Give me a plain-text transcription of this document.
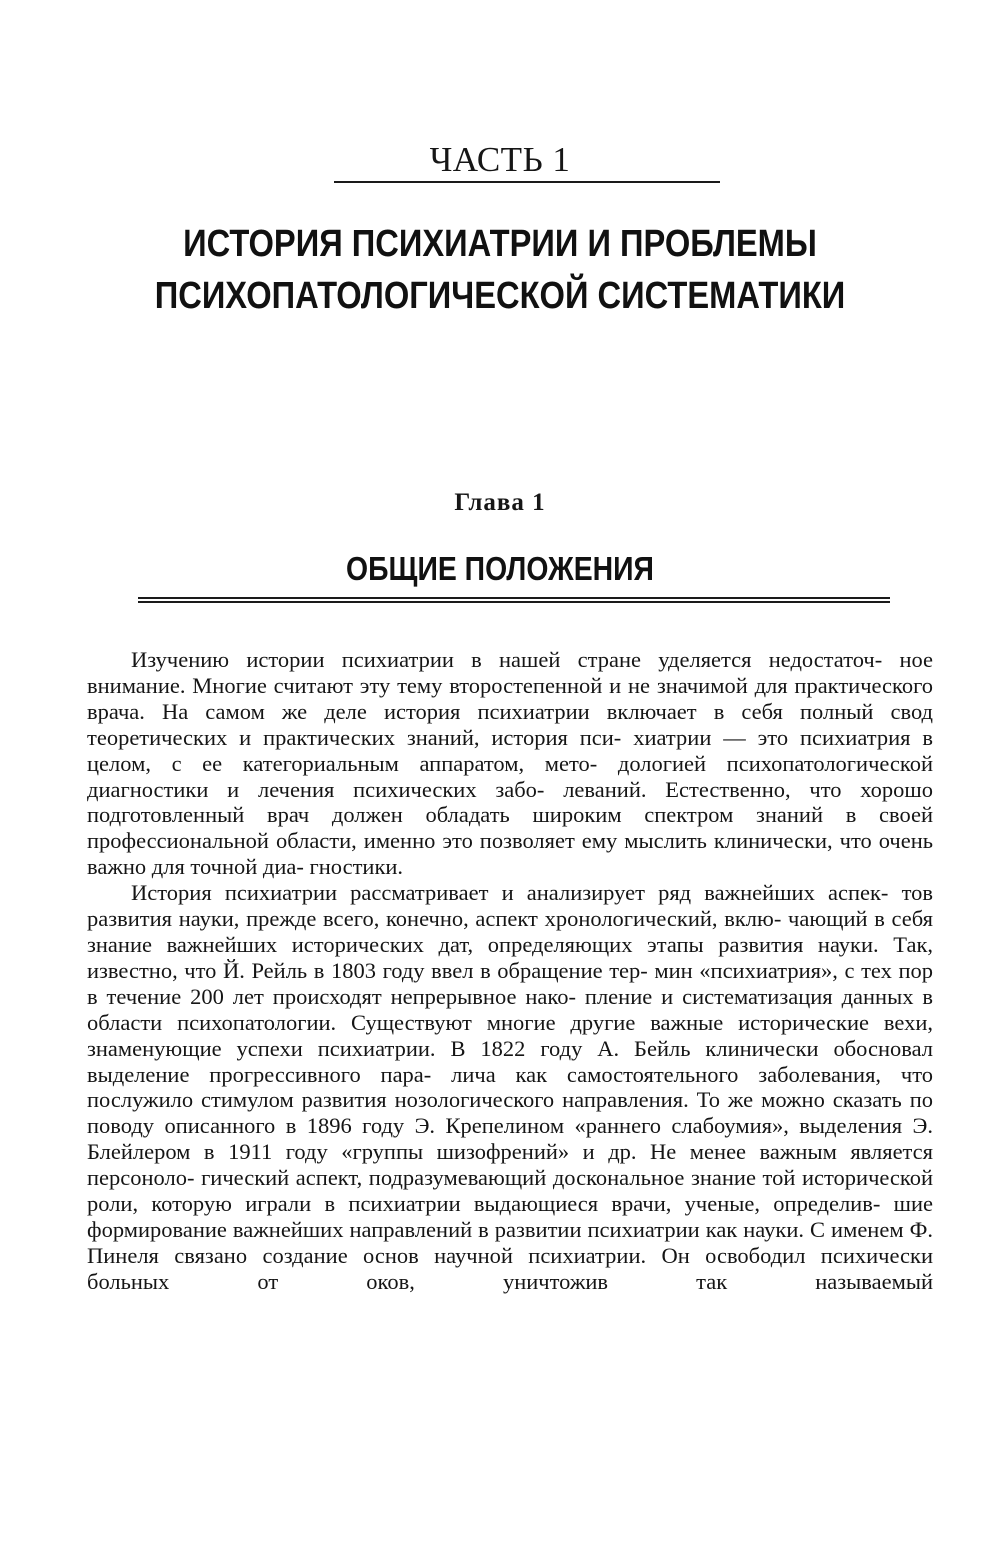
ЧАСТЬ 1
ИСТОРИЯ ПСИХИАТРИИ И ПРОБЛЕМЫ
ПСИХОПАТОЛОГИЧЕСКОЙ СИСТЕМАТИКИ
Глава 1
ОБЩИЕ ПОЛОЖЕНИЯ

Изучению истории психиатрии в нашей стране уделяется недостаточ- ное внимание. Многие считают эту тему второстепенной и не значимой для практического врача. На самом же деле история психиатрии включает в себя полный свод теоретических и практических знаний, история пси- хиатрии — это психиатрия в целом, с ее категориальным аппаратом, мето- дологией психопатологической диагностики и лечения психических забо- леваний. Естественно, что хорошо подготовленный врач должен обладать широким спектром знаний в своей профессиональной области, именно это позволяет ему мыслить клинически, что очень важно для точной диа- гностики.

История психиатрии рассматривает и анализирует ряд важнейших аспек- тов развития науки, прежде всего, конечно, аспект хронологический, вклю- чающий в себя знание важнейших исторических дат, определяющих этапы развития науки. Так, известно, что Й. Рейль в 1803 году ввел в обращение тер- мин «психиатрия», с тех пор в течение 200 лет происходят непрерывное нако- пление и систематизация данных в области психопатологии. Существуют многие другие важные исторические вехи, знаменующие успехи психиатрии. В 1822 году А. Бейль клинически обосновал выделение прогрессивного пара- лича как самостоятельного заболевания, что послужило стимулом развития нозологического направления. То же можно сказать по поводу описанного в 1896 году Э. Крепелином «раннего слабоумия», выделения Э. Блейлером в 1911 году «группы шизофрений» и др. Не менее важным является персоноло- гический аспект, подразумевающий доскональное знание той исторической роли, которую играли в психиатрии выдающиеся врачи, ученые, определив- шие формирование важнейших направлений в развитии психиатрии как науки. С именем Ф. Пинеля связано создание основ научной психиатрии. Он освободил психически больных от оков, уничтожив так называемый
